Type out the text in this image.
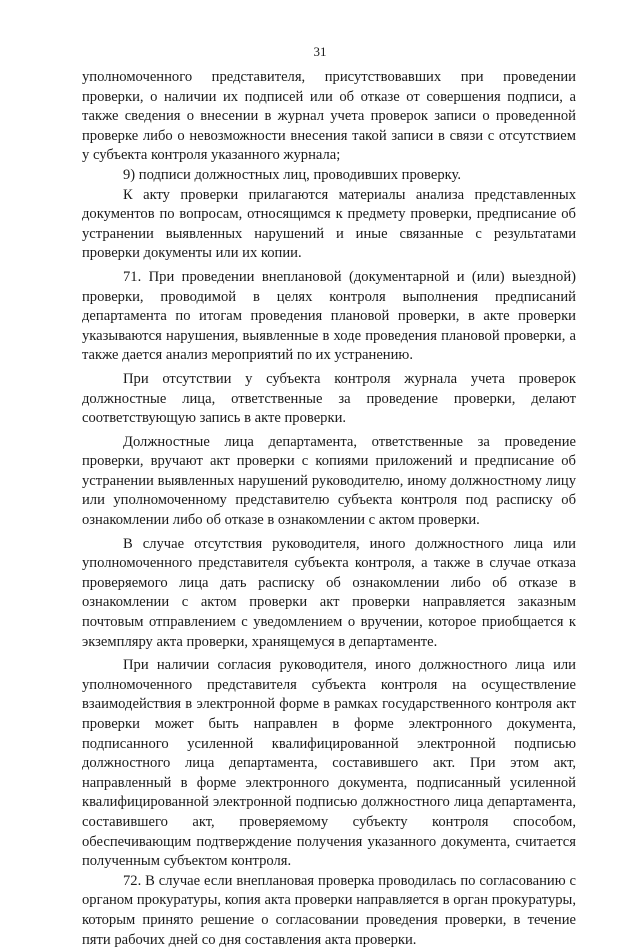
31

уполномоченного представителя, присутствовавших при проведении проверки, о наличии их подписей или об отказе от совершения подписи, а также сведения о внесении в журнал учета проверок записи о проведенной проверке либо о невозможности внесения такой записи в связи с отсутствием у субъекта контроля указанного журнала;

9) подписи должностных лиц, проводивших проверку.

К акту проверки прилагаются материалы анализа представленных документов по вопросам, относящимся к предмету проверки, предписание об устранении выявленных нарушений и иные связанные с результатами проверки документы или их копии.

71. При проведении внеплановой (документарной и (или) выездной) проверки, проводимой в целях контроля выполнения предписаний департамента по итогам проведения плановой проверки, в акте проверки указываются нарушения, выявленные в ходе проведения плановой проверки, а также дается анализ мероприятий по их устранению.

При отсутствии у субъекта контроля журнала учета проверок должностные лица, ответственные за проведение проверки, делают соответствующую запись в акте проверки.

Должностные лица департамента, ответственные за проведение проверки, вручают акт проверки с копиями приложений и предписание об устранении выявленных нарушений руководителю, иному должностному лицу или уполномоченному представителю субъекта контроля под расписку об ознакомлении либо об отказе в ознакомлении с актом проверки.

В случае отсутствия руководителя, иного должностного лица или уполномоченного представителя субъекта контроля, а также в случае отказа проверяемого лица дать расписку об ознакомлении либо об отказе в ознакомлении с актом проверки акт проверки направляется заказным почтовым отправлением с уведомлением о вручении, которое приобщается к экземпляру акта проверки, хранящемуся в департаменте.

При наличии согласия руководителя, иного должностного лица или уполномоченного представителя субъекта контроля на осуществление взаимодействия в электронной форме в рамках государственного контроля акт проверки может быть направлен в форме электронного документа, подписанного усиленной квалифицированной электронной подписью должностного лица департамента, составившего акт. При этом акт, направленный в форме электронного документа, подписанный усиленной квалифицированной электронной подписью должностного лица департамента, составившего акт, проверяемому субъекту контроля способом, обеспечивающим подтверждение получения указанного документа, считается полученным субъектом контроля.

72. В случае если внеплановая проверка проводилась по согласованию с органом прокуратуры, копия акта проверки направляется в орган прокуратуры, которым принято решение о согласовании проведения проверки, в течение пяти рабочих дней со дня составления акта проверки.
